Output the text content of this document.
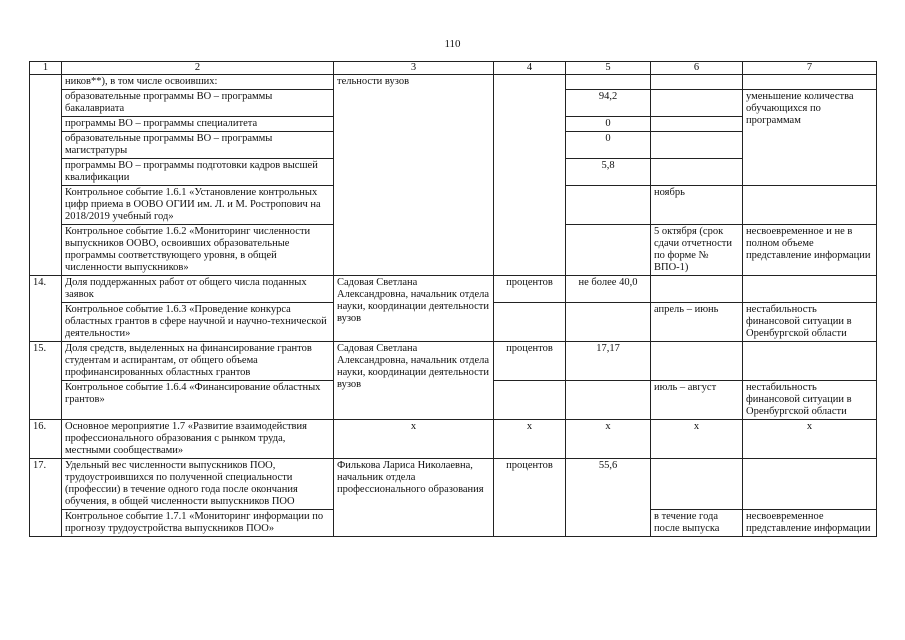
110
1	2	3	4	5	6	7
	ников**), в том числе освоивших:	тельности вузов				
	образовательные программы ВО – программы бакалавриата			94,2		уменьшение количества обучающихся по программам
	программы ВО – программы специалитета			0		
	образовательные программы ВО – программы магистратуры			0		
	программы ВО – программы подготовки кадров высшей квалификации			5,8		
	Контрольное событие 1.6.1 «Установление контрольных цифр приема в ООВО ОГИИ им. Л. и М. Ростропович на 2018/2019 учебный год»				ноябрь	
	Контрольное событие 1.6.2 «Мониторинг численности выпускников ООВО, освоивших образовательные программы соответствующего уровня, в общей численности выпускников»				5 октября (срок сдачи отчетности по форме № ВПО-1)	несвоевременное и не в полном объеме представление информации
14.	Доля поддержанных работ от общего числа поданных заявок	Садовая Светлана Александровна, начальник отдела науки, координации деятельности вузов	процентов	не более 40,0		
	Контрольное событие 1.6.3 «Проведение конкурса областных грантов в сфере научной и научно-технической деятельности»				апрель – июнь	нестабильность финансовой ситуации в Оренбургской области
15.	Доля средств, выделенных на финансирование грантов студентам и аспирантам, от общего объема профинансированных областных грантов	Садовая Светлана Александровна, начальник отдела науки, координации деятельности вузов	процентов	17,17		
	Контрольное событие 1.6.4 «Финансирование областных грантов»				июль – август	нестабильность финансовой ситуации в Оренбургской области
16.	Основное мероприятие 1.7 «Развитие взаимодействия профессионального образования с рынком труда, местными сообществами»	х	х	х	х	х
17.	Удельный вес численности выпускников ПОО, трудоустроившихся по полученной специальности (профессии) в течение одного года после окончания обучения, в общей численности выпускников ПОО	Филькова Лариса Николаевна, начальник отдела профессионального образования	процентов	55,6		
	Контрольное событие 1.7.1 «Мониторинг информации по прогнозу трудоустройства выпускников ПОО»				в течение года после выпуска	несвоевременное представление информации
